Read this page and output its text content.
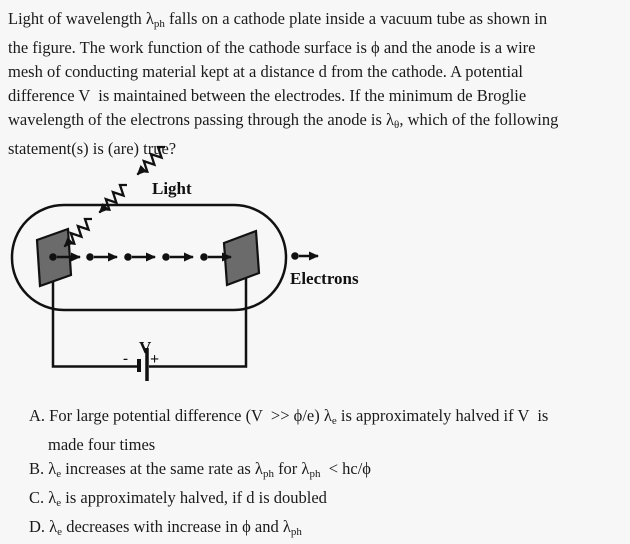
Light of wavelength $\lambda_{ph}$ falls on a cathode plate inside a vacuum tube as shown in
the figure. The work function of the cathode surface is ϕ and the anode is a wire
mesh of conducting material kept at a distance d from the cathode. A potential
difference V  is maintained between the electrodes. If the minimum de Broglie
wavelength of the electrons passing through the anode is $\lambda_\theta$, which of the following
statement(s) is (are) true?
Light
Electrons
V
- +
A. For large potential difference (V  >> ϕ/e) $\lambda_e$ is approximately halved if V  is
made four times
B. $\lambda_e$ increases at the same rate as $\lambda_{ph}$ for $\lambda_{ph} < hc/\phi$
C. $\lambda_e$ is approximately halved, if d is doubled
D. $\lambda_e$ decreases with increase in ϕ and $\lambda_{ph}$
